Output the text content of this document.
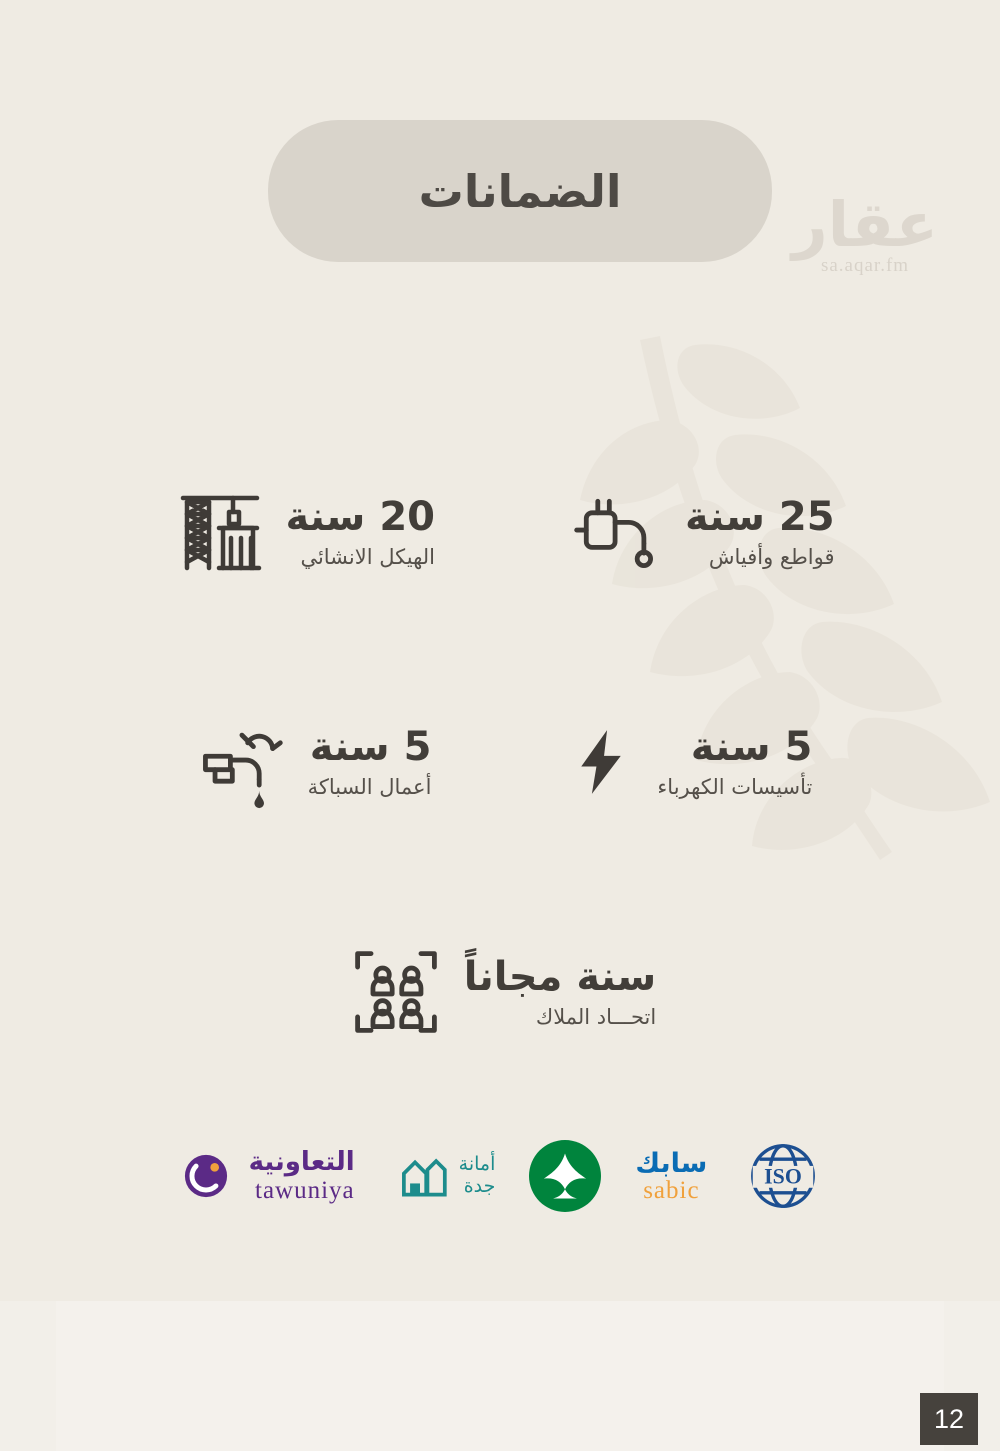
الضمانات	عقار
sa.aqar.fm
25 سنة
قواطع وأفياش
20 سنة
الهيكل الانشائي
5 سنة
تأسيسات الكهرباء
5 سنة
أعمال السباكة
سنة مجاناً
اتحـــاد الملاك
ISO
سابك
sabic
أمانة
جدة
التعاونية
tawuniya
12
